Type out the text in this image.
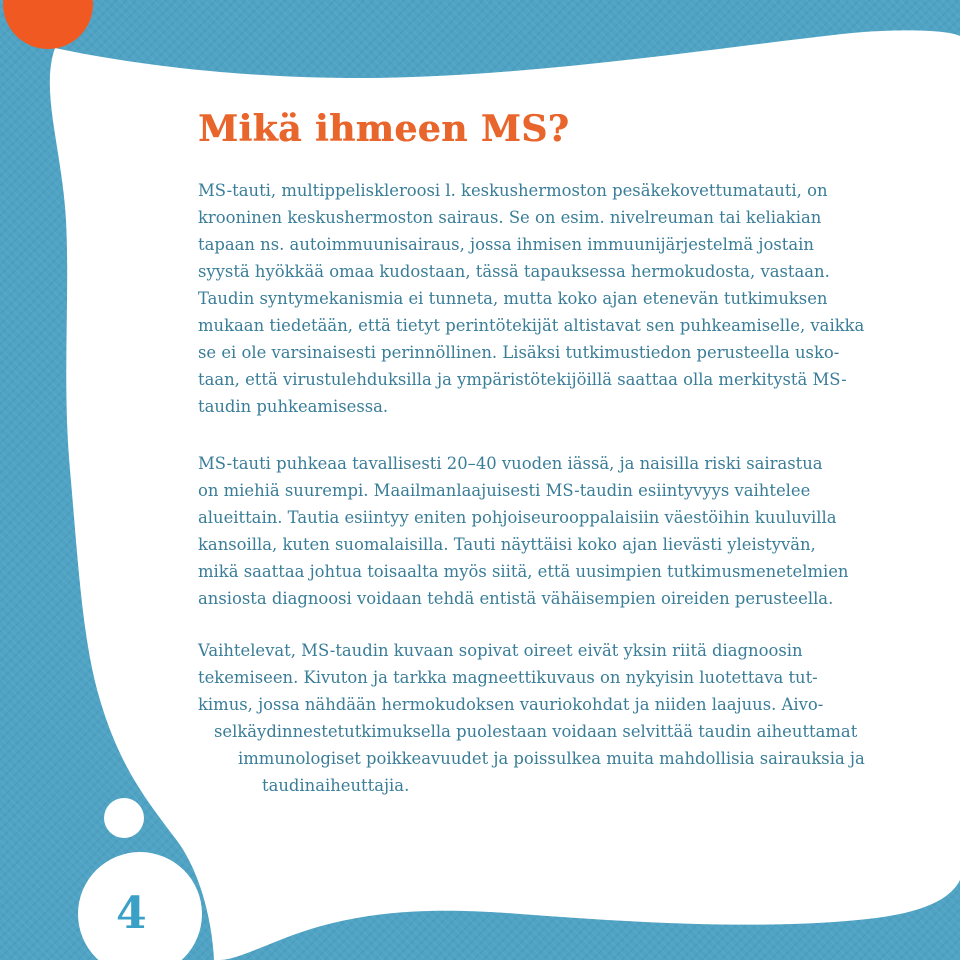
Mikä ihmeen MS?

MS-tauti, multippeliskleroosi l. keskushermoston pesäkekovettumatauti, on
krooninen keskushermoston sairaus. Se on esim. nivelreuman tai keliakian
tapaan ns. autoimmuunisairaus, jossa ihmisen immuunijärjestelmä jostain
syystä hyökkää omaa kudostaan, tässä tapauksessa hermokudosta, vastaan.
Taudin syntymekanismia ei tunneta, mutta koko ajan etenevän tutkimuksen
mukaan tiedetään, että tietyt perintötekijät altistavat sen puhkeamiselle, vaikka
se ei ole varsinaisesti perinnöllinen. Lisäksi tutkimustiedon perusteella usko-
taan, että virustulehduksilla ja ympäristötekijöillä saattaa olla merkitystä MS-
taudin puhkeamisessa.

MS-tauti puhkeaa tavallisesti 20–40 vuoden iässä, ja naisilla riski sairastua
on miehiä suurempi. Maailmanlaajuisesti MS-taudin esiintyvyys vaihtelee
alueittain. Tautia esiintyy eniten pohjoiseurooppalaisiin väestöihin kuuluvilla
kansoilla, kuten suomalaisilla. Tauti näyttäisi koko ajan lievästi yleistyvän,
mikä saattaa johtua toisaalta myös siitä, että uusimpien tutkimusmenetelmien
ansiosta diagnoosi voidaan tehdä entistä vähäisempien oireiden perusteella.

Vaihtelevat, MS-taudin kuvaan sopivat oireet eivät yksin riitä diagnoosin
tekemiseen. Kivuton ja tarkka magneettikuvaus on nykyisin luotettava tut-
kimus, jossa nähdään hermokudoksen vauriokohdat ja niiden laajuus. Aivo-
selkäydinnestetutkimuksella puolestaan voidaan selvittää taudin aiheuttamat
immunologiset poikkeavuudet ja poissulkea muita mahdollisia sairauksia ja
taudinaiheuttajia.

4
